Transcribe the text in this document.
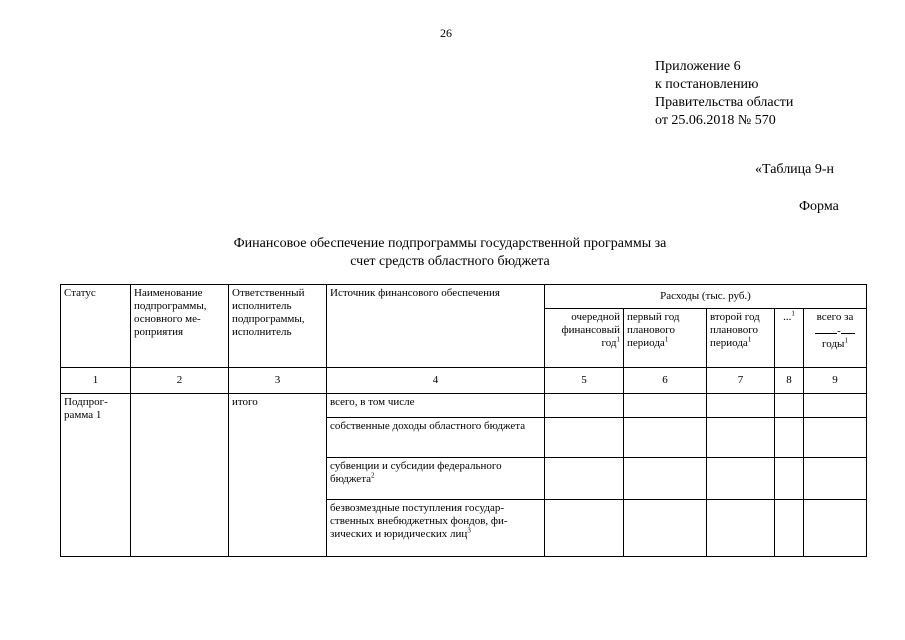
26
Приложение 6
к постановлению
Правительства области
от 25.06.2018 № 570
«Таблица 9-н
Форма
Финансовое обеспечение подпрограммы государственной программы за счет средств областного бюджета
Статус	Наименование подпрограммы, основного мероприятия	Ответственный исполнитель подпрограммы, исполнитель	Источник финансового обеспечения	Расходы (тыс. руб.)				
				очередной финансовый год$^1$	первый год планового периода$^1$	второй год планового периода$^1$	...$^1$	всего за - годы$^1$
1	2	3	4	5	6	7	8	9
Подпрограмма 1		итого	всего, в том числе					
			собственные доходы областного бюджета					
			субвенции и субсидии федерального бюджета$^2$					
			безвозмездные поступления государственных внебюджетных фондов, физических и юридических лиц$^3$					
